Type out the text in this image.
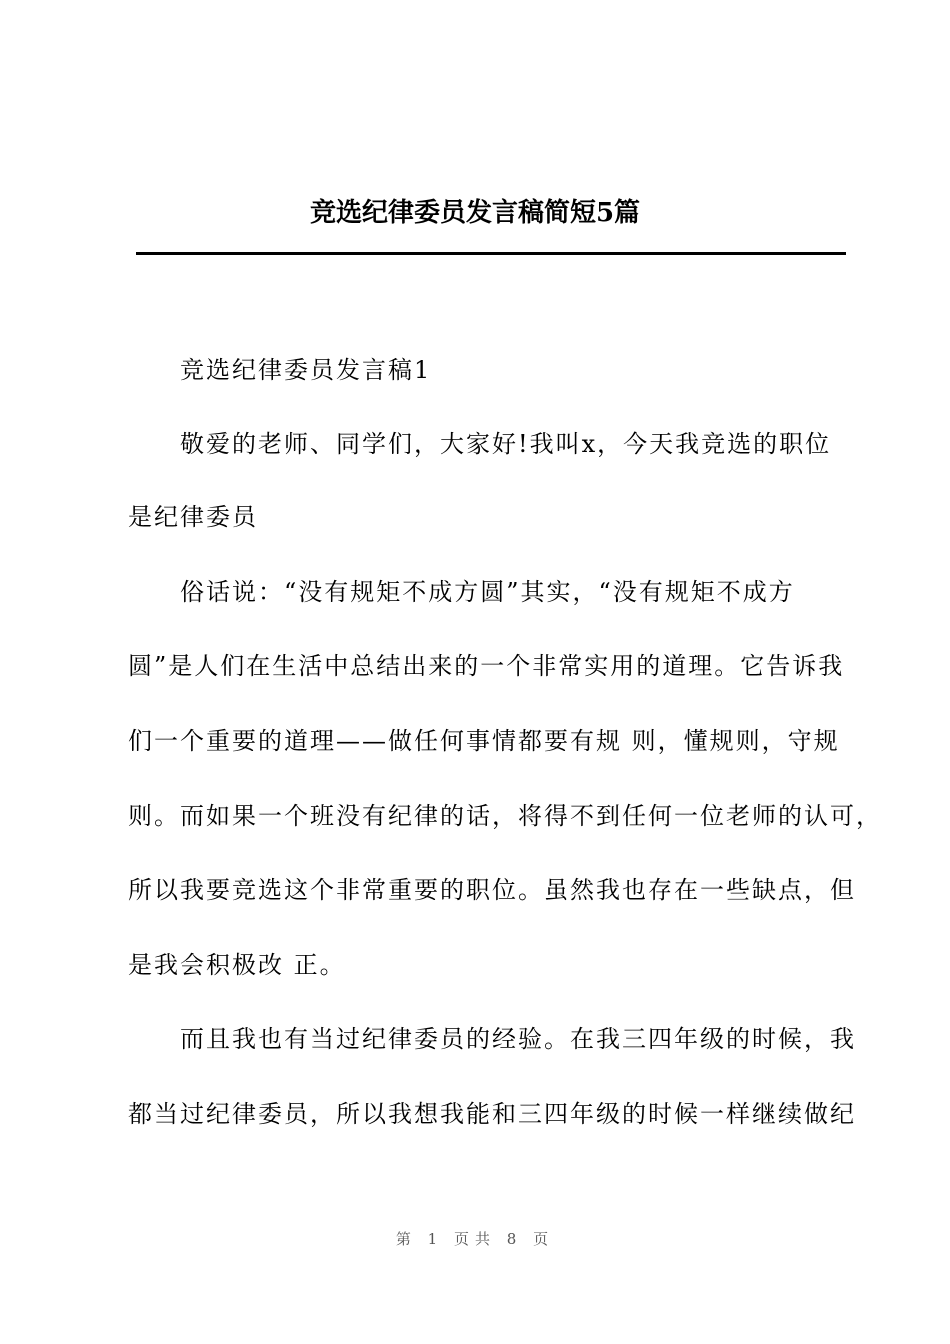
竞选纪律委员发言稿简短5篇
竞选纪律委员发言稿1
敬爱的老师、同学们，大家好!我叫x，今天我竞选的职位
是纪律委员
俗话说：“没有规矩不成方圆”其实，“没有规矩不成方
圆”是人们在生活中总结出来的一个非常实用的道理。它告诉我
们一个重要的道理——做任何事情都要有规 则，懂规则，守规
则。而如果一个班没有纪律的话，将得不到任何一位老师的认可，
所以我要竞选这个非常重要的职位。虽然我也存在一些缺点，但
是我会积极改 正。
而且我也有当过纪律委员的经验。在我三四年级的时候，我
都当过纪律委员，所以我想我能和三四年级的时候一样继续做纪
第 1 页共 8 页
